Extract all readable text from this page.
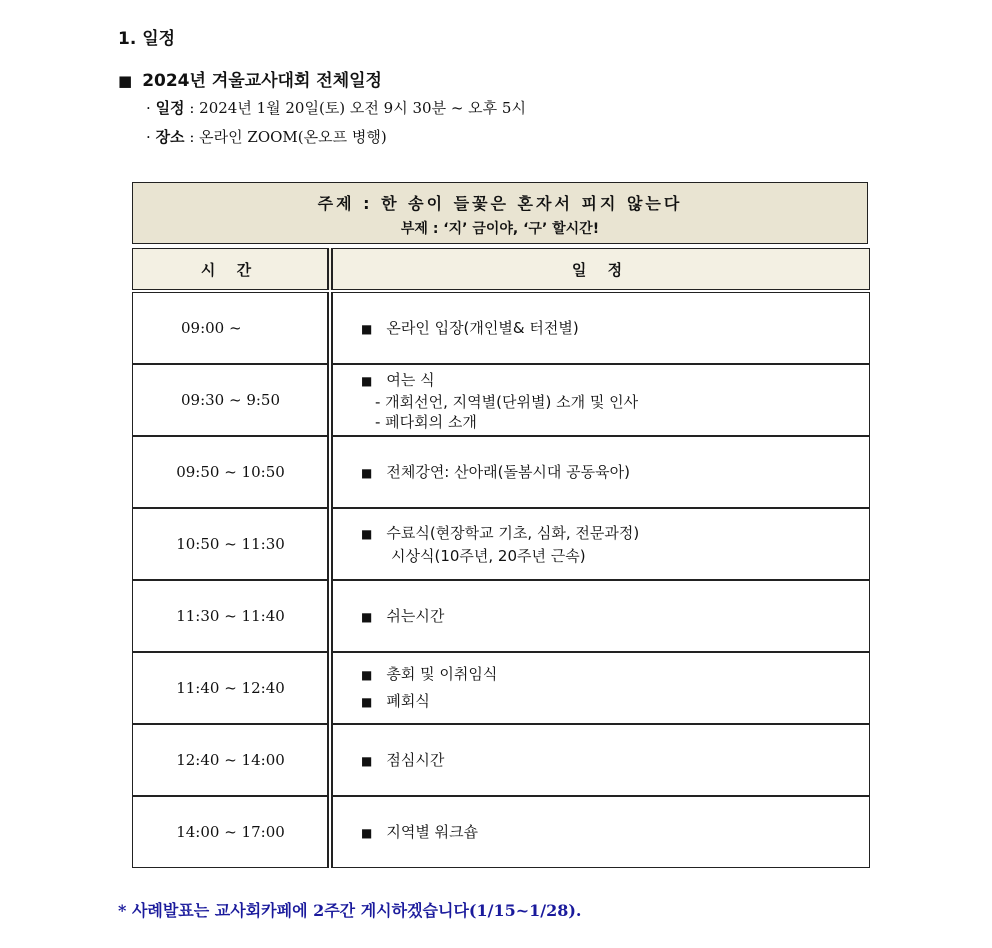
1. 일정
■ 2024년 겨울교사대회 전체일정
· 일정 : 2024년 1월 20일(토) 오전 9시 30분 ~ 오후 5시
· 장소 : 온라인 ZOOM(온오프 병행)
주제 : 한 송이 들꽃은 혼자서 피지 않는다
부제 : ‘지’ 금이야, ‘구’ 할시간!
시 간		일 정

09:00 ~		■ 온라인 입장(개인별& 터전별)
09:30 ~ 9:50		■ 여는 식
- 개회선언, 지역별(단위별) 소개 및 인사
- 페다회의 소개

09:50 ~ 10:50		■ 전체강연: 산아래(돌봄시대 공동육아)
10:50 ~ 11:30		■ 수료식(현장학교 기초, 심화, 전문과정)
시상식(10주년, 20주년 근속)

11:30 ~ 11:40		■ 쉬는시간
11:40 ~ 12:40		■ 총회 및 이취임식
■ 폐회식

12:40 ~ 14:00		■ 점심시간
14:00 ~ 17:00		■ 지역별 워크숍
* 사례발표는 교사회카페에 2주간 게시하겠습니다(1/15~1/28).
